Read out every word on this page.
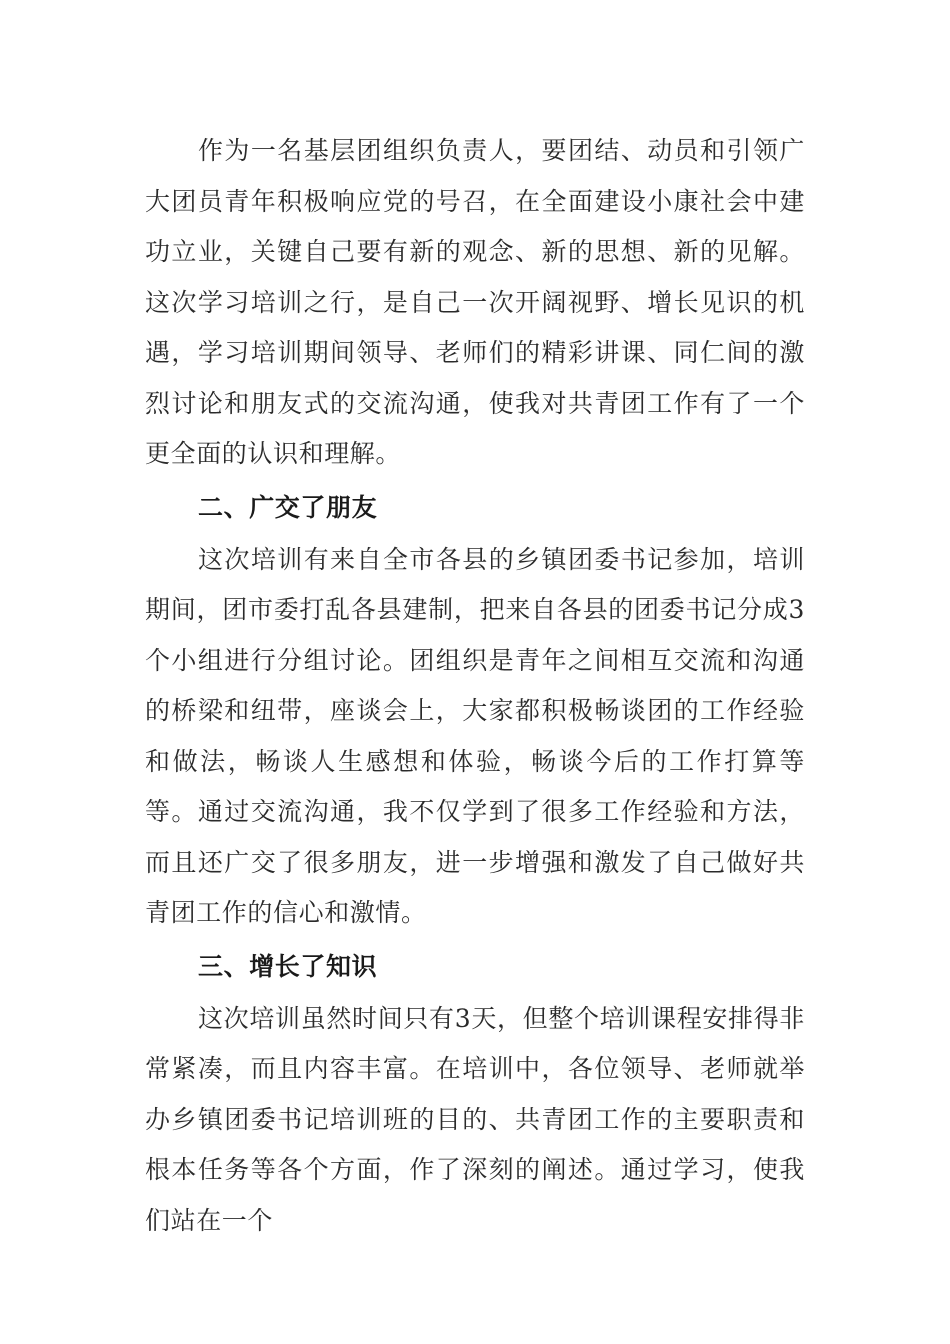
作为一名基层团组织负责人，要团结、动员和引领广大团员青年积极响应党的号召，在全面建设小康社会中建功立业，关键自己要有新的观念、新的思想、新的见解。这次学习培训之行，是自己一次开阔视野、增长见识的机遇，学习培训期间领导、老师们的精彩讲课、同仁间的激烈讨论和朋友式的交流沟通，使我对共青团工作有了一个更全面的认识和理解。

二、广交了朋友

这次培训有来自全市各县的乡镇团委书记参加，培训期间，团市委打乱各县建制，把来自各县的团委书记分成3个小组进行分组讨论。团组织是青年之间相互交流和沟通的桥梁和纽带，座谈会上，大家都积极畅谈团的工作经验和做法，畅谈人生感想和体验，畅谈今后的工作打算等等。通过交流沟通，我不仅学到了很多工作经验和方法，而且还广交了很多朋友，进一步增强和激发了自己做好共青团工作的信心和激情。

三、增长了知识

这次培训虽然时间只有3天，但整个培训课程安排得非常紧凑，而且内容丰富。在培训中，各位领导、老师就举办乡镇团委书记培训班的目的、共青团工作的主要职责和根本任务等各个方面，作了深刻的阐述。通过学习，使我们站在一个
